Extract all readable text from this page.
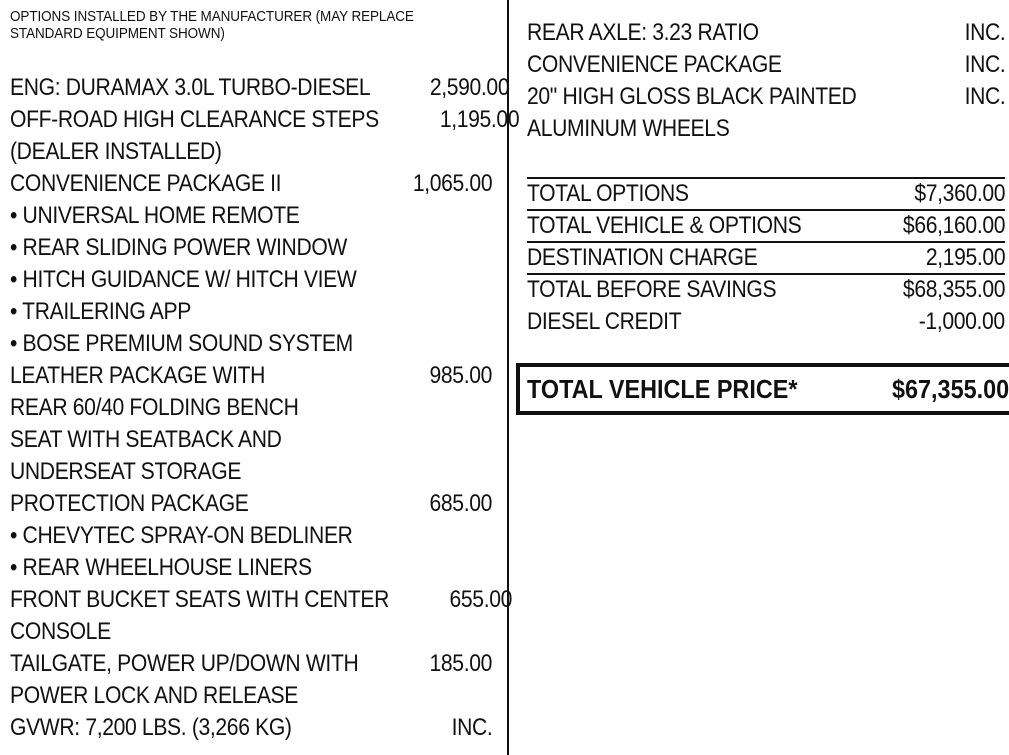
OPTIONS INSTALLED BY THE MANUFACTURER (MAY REPLACE
STANDARD EQUIPMENT SHOWN)
ENG: DURAMAX 3.0L TURBO-DIESEL 2,590.00
OFF-ROAD HIGH CLEARANCE STEPS	1,195.00
(DEALER INSTALLED)
CONVENIENCE PACKAGE II	1,065.00
• UNIVERSAL HOME REMOTE
• REAR SLIDING POWER WINDOW
• HITCH GUIDANCE W/ HITCH VIEW
• TRAILERING APP
• BOSE PREMIUM SOUND SYSTEM
LEATHER PACKAGE WITH	985.00
REAR 60/40 FOLDING BENCH
SEAT WITH SEATBACK AND
UNDERSEAT STORAGE
PROTECTION PACKAGE	685.00
• CHEVYTEC SPRAY-ON BEDLINER
• REAR WHEELHOUSE LINERS
FRONT BUCKET SEATS WITH CENTER	655.00
CONSOLE
TAILGATE, POWER UP/DOWN WITH	185.00
POWER LOCK AND RELEASE
GVWR: 7,200 LBS. (3,266 KG)	INC.
REAR AXLE: 3.23 RATIO	INC.
CONVENIENCE PACKAGE	INC.
20" HIGH GLOSS BLACK PAINTED	INC.
ALUMINUM WHEELS
TOTAL OPTIONS	$7,360.00
TOTAL VEHICLE & OPTIONS	$66,160.00
DESTINATION CHARGE	2,195.00
TOTAL BEFORE SAVINGS	$68,355.00
DIESEL CREDIT	-1,000.00
TOTAL VEHICLE PRICE*	$67,355.00
